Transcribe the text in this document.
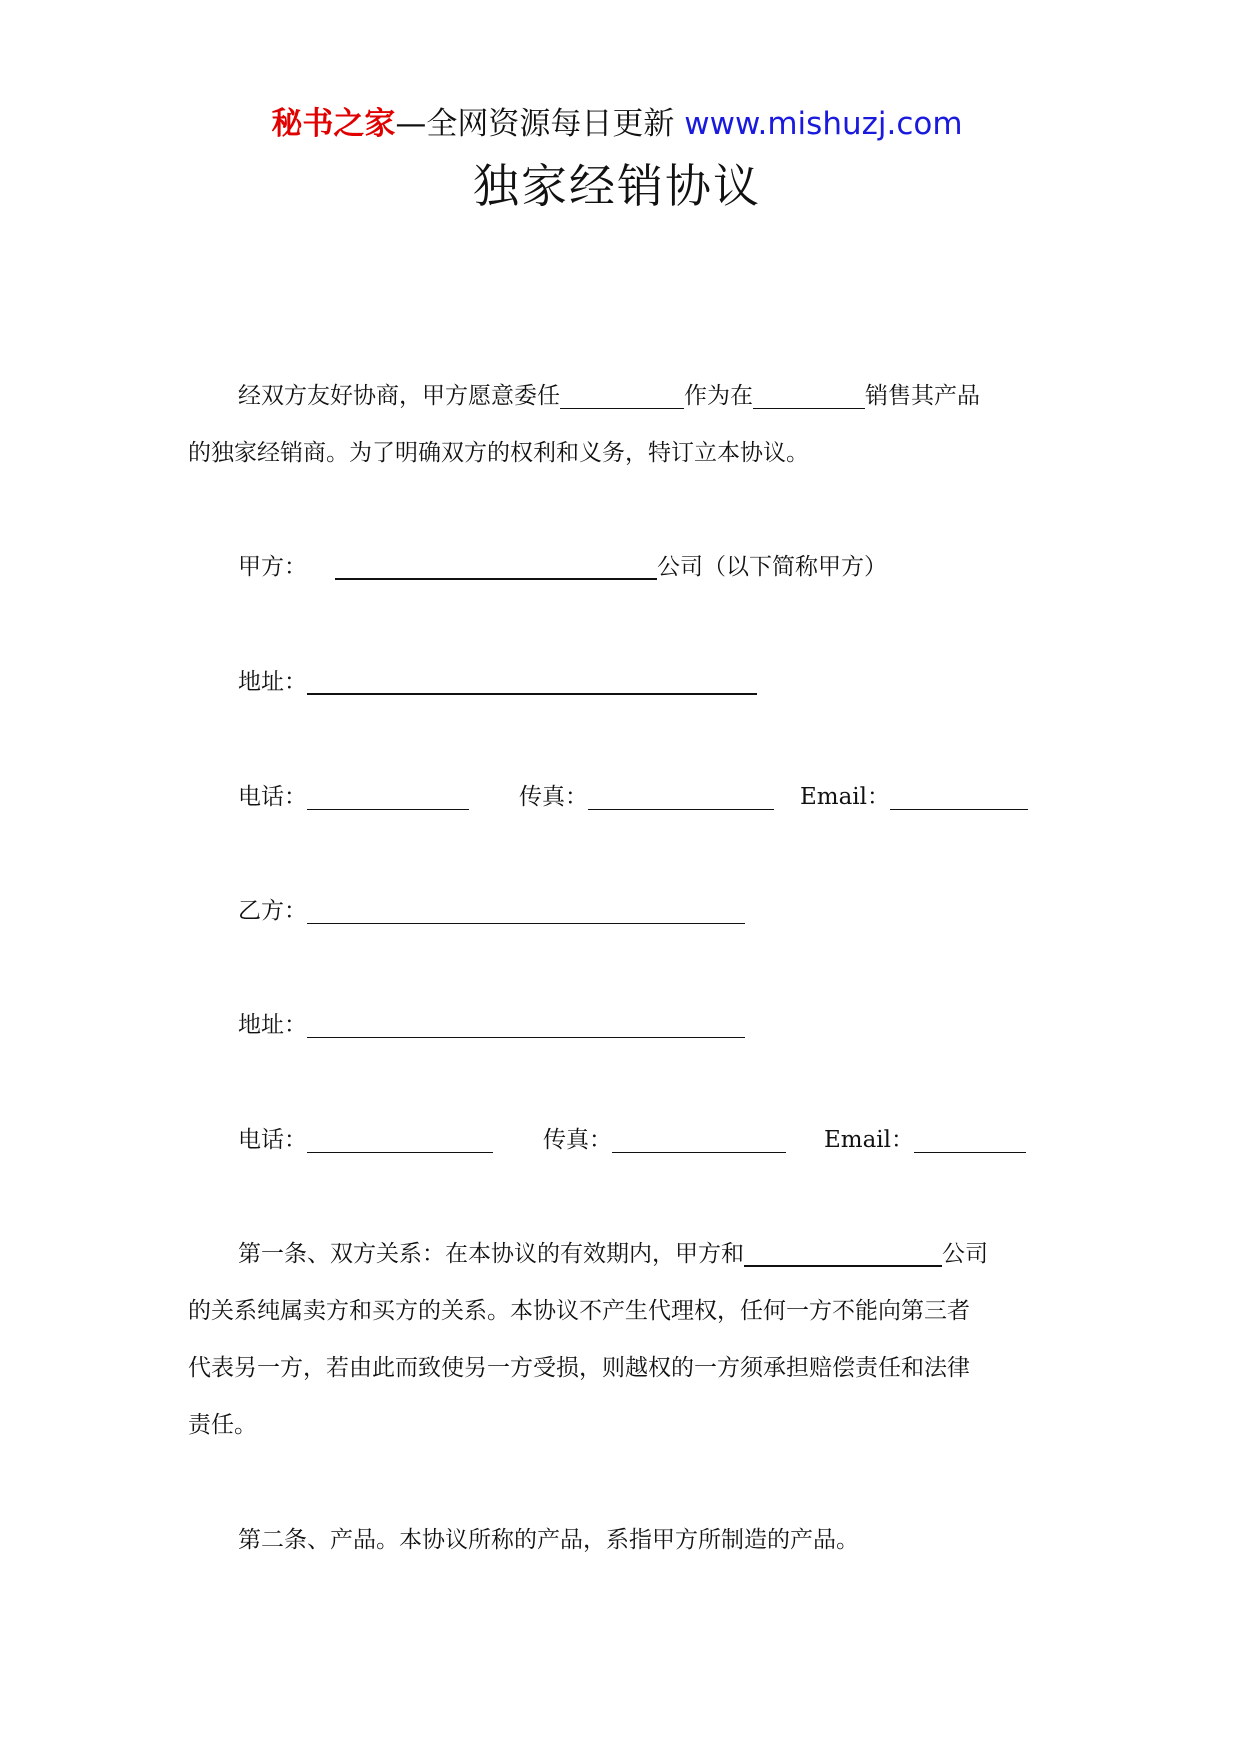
秘书之家—全网资源每日更新 www.mishuzj.com
独家经销协议
经双方友好协商，甲方愿意委任	作为在	销售其产品
的独家经销商。为了明确双方的权利和义务，特订立本协议。
甲方：	公司（以下简称甲方）
地址：
电话：	传真：	Email：
乙方：
地址：
电话：	传真：	Email：
第一条、双方关系：在本协议的有效期内，甲方和	公司
的关系纯属卖方和买方的关系。本协议不产生代理权，任何一方不能向第三者
代表另一方，若由此而致使另一方受损，则越权的一方须承担赔偿责任和法律
责任。
第二条、产品。本协议所称的产品，系指甲方所制造的产品。
